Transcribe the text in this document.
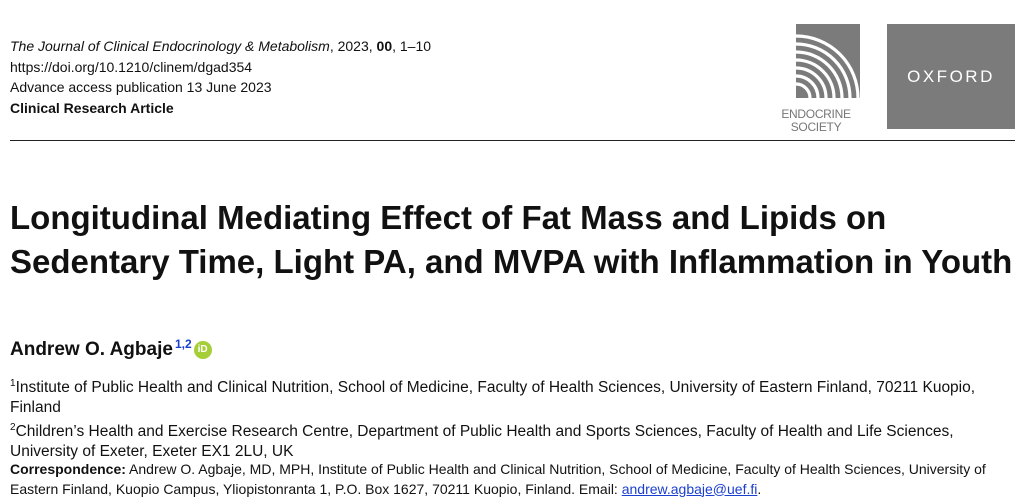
The Journal of Clinical Endocrinology & Metabolism, 2023, 00, 1–10
https://doi.org/10.1210/clinem/dgad354
Advance access publication 13 June 2023
Clinical Research Article	ENDOCRINE
SOCIETY
OXFORD
Longitudinal Mediating Effect of Fat Mass and Lipids on Sedentary Time, Light PA, and MVPA with Inflammation in Youth
Andrew O. Agbaje$^{1,2}$ iD

$^1$Institute of Public Health and Clinical Nutrition, School of Medicine, Faculty of Health Sciences, University of Eastern Finland, 70211 Kuopio, Finland

$^2$Children’s Health and Exercise Research Centre, Department of Public Health and Sports Sciences, Faculty of Health and Life Sciences, University of Exeter, Exeter EX1 2LU, UK

Correspondence: Andrew O. Agbaje, MD, MPH, Institute of Public Health and Clinical Nutrition, School of Medicine, Faculty of Health Sciences, University of Eastern Finland, Kuopio Campus, Yliopistonranta 1, P.O. Box 1627, 70211 Kuopio, Finland. Email: andrew.agbaje@uef.fi.
